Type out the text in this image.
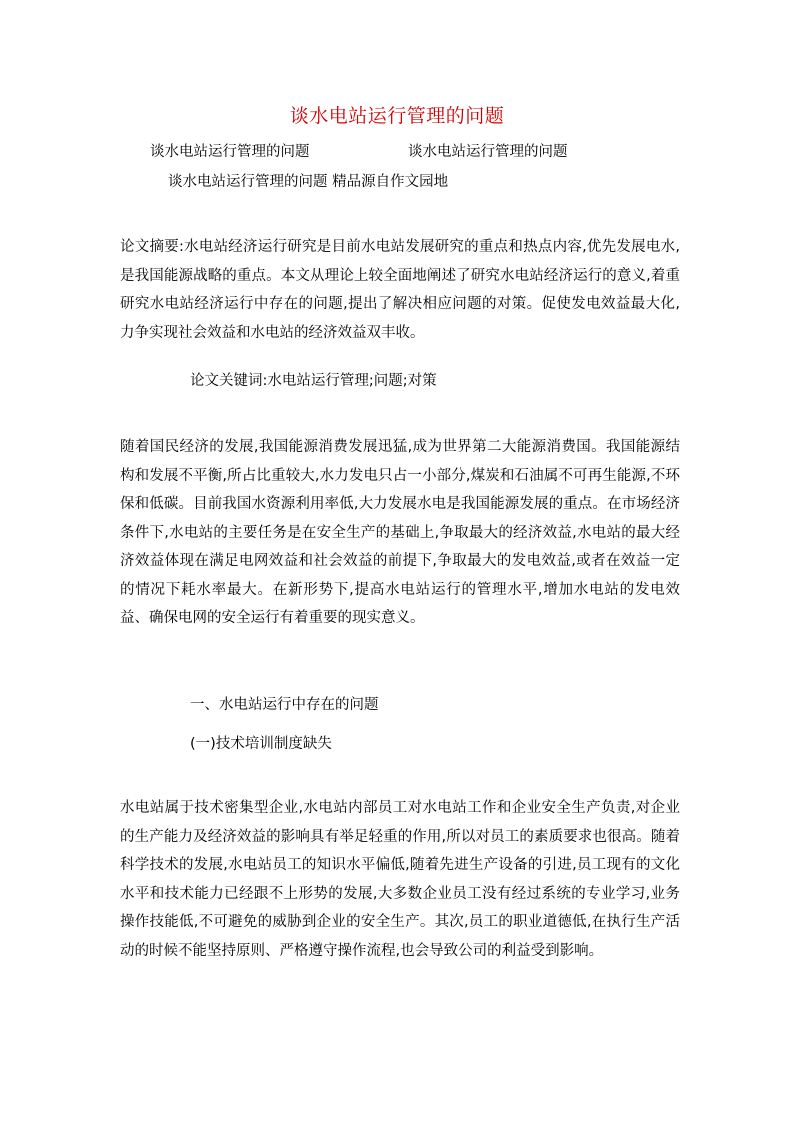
谈水电站运行管理的问题
谈水电站运行管理的问题	谈水电站运行管理的问题
谈水电站运行管理的问题 精品源自作文园地
论文摘要:水电站经济运行研究是目前水电站发展研究的重点和热点内容,优先发展电水,是我国能源战略的重点。本文从理论上较全面地阐述了研究水电站经济运行的意义,着重研究水电站经济运行中存在的问题,提出了解决相应问题的对策。促使发电效益最大化,力争实现社会效益和水电站的经济效益双丰收。
论文关键词:水电站运行管理;问题;对策
随着国民经济的发展,我国能源消费发展迅猛,成为世界第二大能源消费国。我国能源结构和发展不平衡,所占比重较大,水力发电只占一小部分,煤炭和石油属不可再生能源,不环保和低碳。目前我国水资源利用率低,大力发展水电是我国能源发展的重点。在市场经济条件下,水电站的主要任务是在安全生产的基础上,争取最大的经济效益,水电站的最大经济效益体现在满足电网效益和社会效益的前提下,争取最大的发电效益,或者在效益一定的情况下耗水率最大。在新形势下,提高水电站运行的管理水平,增加水电站的发电效益、确保电网的安全运行有着重要的现实意义。
一、水电站运行中存在的问题
(一)技术培训制度缺失
水电站属于技术密集型企业,水电站内部员工对水电站工作和企业安全生产负责,对企业的生产能力及经济效益的影响具有举足轻重的作用,所以对员工的素质要求也很高。随着科学技术的发展,水电站员工的知识水平偏低,随着先进生产设备的引进,员工现有的文化水平和技术能力已经跟不上形势的发展,大多数企业员工没有经过系统的专业学习,业务操作技能低,不可避免的威胁到企业的安全生产。其次,员工的职业道德低,在执行生产活动的时候不能坚持原则、严格遵守操作流程,也会导致公司的利益受到影响。
